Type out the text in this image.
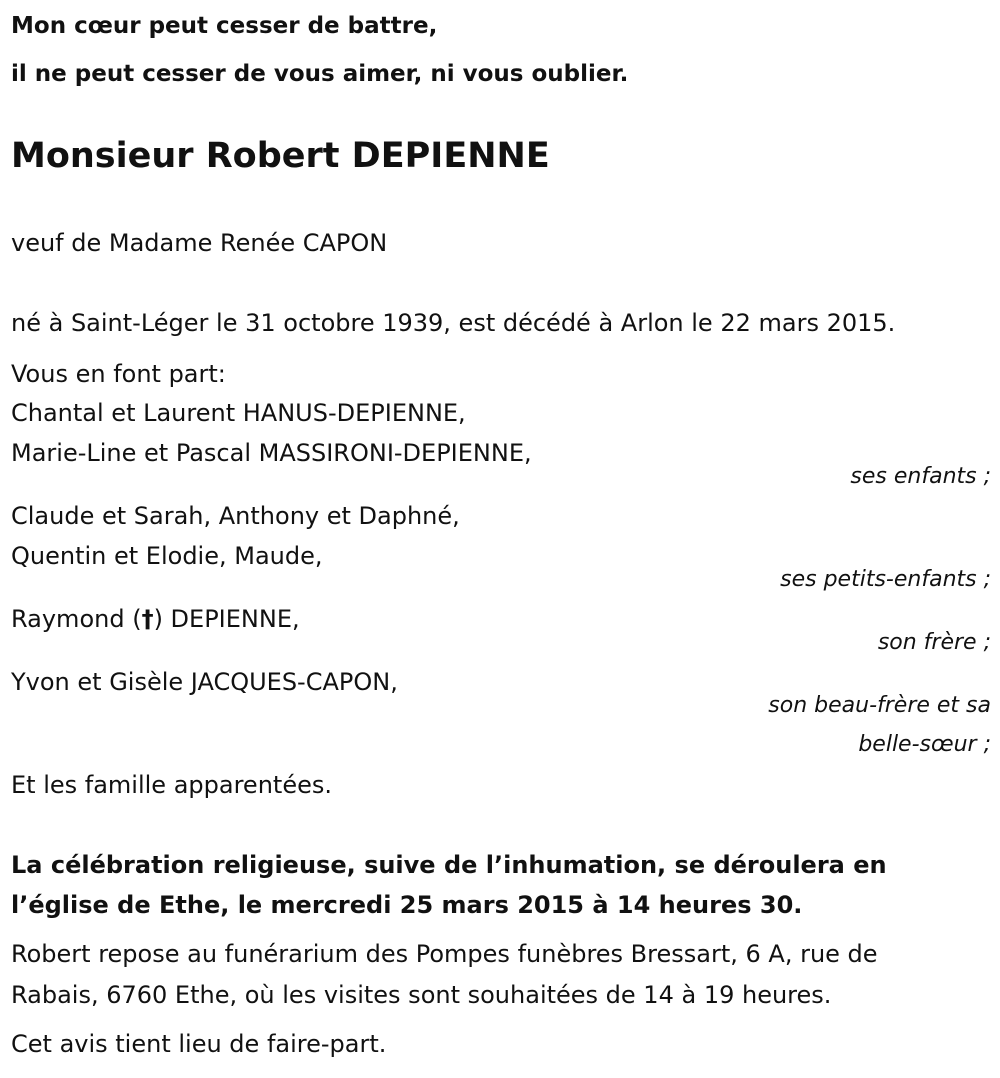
Mon cœur peut cesser de battre,
il ne peut cesser de vous aimer, ni vous oublier.
Monsieur Robert DEPIENNE
veuf de Madame Renée CAPON
né à Saint-Léger le 31 octobre 1939, est décédé à Arlon le 22 mars 2015.
Vous en font part:
Chantal et Laurent HANUS-DEPIENNE,
Marie-Line et Pascal MASSIRONI-DEPIENNE,
ses enfants ;
Claude et Sarah, Anthony et Daphné,
Quentin et Elodie, Maude,
ses petits-enfants ;
Raymond (†) DEPIENNE,
son frère ;
Yvon et Gisèle JACQUES-CAPON,
son beau-frère et sa
belle-sœur ;
Et les famille apparentées.
La célébration religieuse, suive de l’inhumation, se déroulera en
l’église de Ethe, le mercredi 25 mars 2015 à 14 heures 30.
Robert repose au funérarium des Pompes funèbres Bressart, 6 A, rue de
Rabais, 6760 Ethe, où les visites sont souhaitées de 14 à 19 heures.
Cet avis tient lieu de faire-part.
